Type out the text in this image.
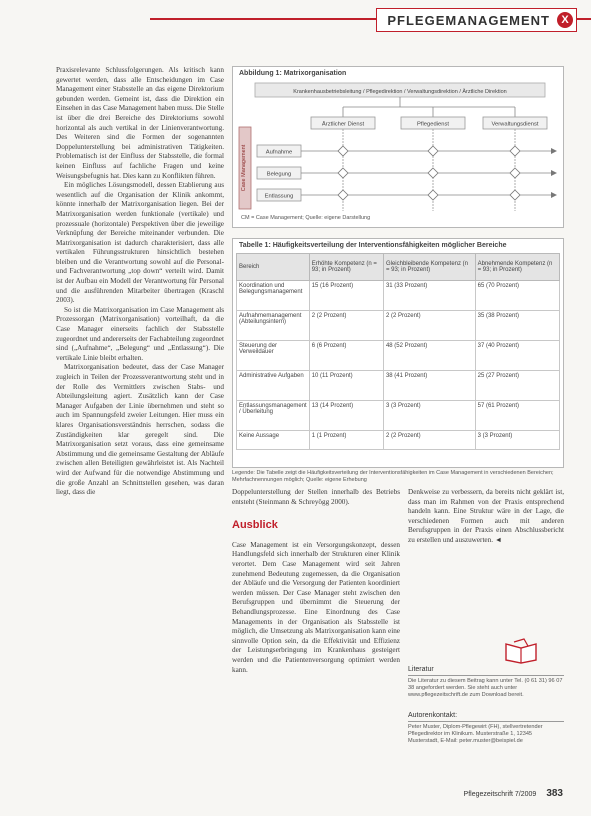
PFLEGEMANAGEMENT	X

Praxisrelevante Schlussfolgerungen. Als kritisch kann gewertet werden, dass alle Entscheidungen im Case Management einer Stabsstelle an das eigene Direktorium gebunden werden. Gemeint ist, dass die Direktion ein Einsehen in das Case Management haben muss. Die Stelle ist über die drei Bereiche des Direktoriums sowohl horizontal als auch vertikal in der Linienverantwortung. Des Weiteren sind die Formen der sogenannten Doppelunterstellung bei administrativen Tätigkeiten. Problematisch ist der Einfluss der Stabsstelle, die formal keinen Einfluss auf fachliche Fragen und keine Weisungsbefugnis hat. Dies kann zu Konflikten führen.

Ein mögliches Lösungsmodell, dessen Etablierung aus wesentlich auf die Organisation der Klinik ankommt, könnte innerhalb der Matrixorganisation liegen. Bei der Matrixorganisation werden funktionale (vertikale) und prozessuale (horizontale) Perspektiven über die jeweilige Verknüpfung der Bereiche miteinander verbunden. Die Matrixorganisation ist dadurch charakterisiert, dass alle vertikalen Führungsstrukturen hinsichtlich bestehen bleiben und die Verantwortung sowohl auf die Personal- und Fachverantwortung „top down“ verteilt wird. Damit ist der Aufbau ein Modell der Verantwortung für Personal und die ausführenden Mitarbeiter übertragen (Kraschl 2003).

So ist die Matrixorganisation im Case Management als Prozessorgan (Matrixorganisation) vorteilhaft, da die Case Manager einerseits fachlich der Stabsstelle zugeordnet und andererseits der Fachabteilung zugeordnet sind („Aufnahme“, „Belegung“ und „Entlassung“). Die vertikale Linie bleibt erhalten.

Matrixorganisation bedeutet, dass der Case Manager zugleich in Teilen der Prozessverantwortung steht und in der Rolle des Vermittlers zwischen Stabs- und Abteilungsleitung agiert. Zusätzlich kann der Case Manager Aufgaben der Linie übernehmen und steht so auch im Spannungsfeld zweier Leitungen. Hier muss ein klares Organisationsverständnis herrschen, sodass die Zuständigkeiten klar geregelt sind. Die Matrixorganisation setzt voraus, dass eine gemeinsame Abstimmung und die gemeinsame Gestaltung der Abläufe zwischen allen Beteiligten gewährleistet ist. Als Nachteil wird der Aufwand für die notwendige Abstimmung und die große Anzahl an Schnittstellen gesehen, was daran liegt, dass die

Abbildung 1: Matrixorganisation
Krankenhausbetriebsleitung / Pflegedirektion / Verwaltungsdirektion / Ärztliche Direktion
Ärztlicher Dienst	Pflegedienst	Verwaltungsdienst
Case Management	Aufnahme
Belegung
Entlassung
CM = Case Management; Quelle: eigene Darstellung
Tabelle 1: Häufigkeitsverteilung der Interventionsfähigkeiten möglicher Bereiche
Bereich	Erhöhte Kompetenz (n = 93; in Prozent)	Gleichbleibende Kompetenz (n = 93; in Prozent)	Abnehmende Kompetenz (n = 93; in Prozent)
Koordination und Belegungsmanagement	15 (16 Prozent)	31 (33 Prozent)	65 (70 Prozent)
Aufnahmemanagement (Abteilungsintern)	2 (2 Prozent)	2 (2 Prozent)	35 (38 Prozent)
Steuerung der Verweildauer	6 (6 Prozent)	48 (52 Prozent)	37 (40 Prozent)
Administrative Aufgaben	10 (11 Prozent)	38 (41 Prozent)	25 (27 Prozent)
Entlassungsmanagement / Überleitung	13 (14 Prozent)	3 (3 Prozent)	57 (61 Prozent)
Keine Aussage	1 (1 Prozent)	2 (2 Prozent)	3 (3 Prozent)
Legende: Die Tabelle zeigt die Häufigkeitsverteilung der Interventionsfähigkeiten im Case Management in verschiedenen Bereichen; Mehrfachnennungen möglich; Quelle: eigene Erhebung

Doppelunterstellung der Stellen innerhalb des Betriebs entsteht (Steinmann & Schreyögg 2000).

Ausblick

Case Management ist ein Versorgungskonzept, dessen Handlungsfeld sich innerhalb der Strukturen einer Klinik verortet. Dem Case Management wird seit Jahren zunehmend Bedeutung zugemessen, da die Organisation der Abläufe und die Versorgung der Patienten koordiniert werden müssen. Der Case Manager steht zwischen den Berufsgruppen und übernimmt die Steuerung der Behandlungsprozesse. Eine Einordnung des Case Managements in der Organisation als Stabsstelle ist möglich, die Umsetzung als Matrixorganisation kann eine sinnvolle Option sein, da die Effektivität und Effizienz der Leistungserbringung im Krankenhaus gesteigert werden und die Patientenversorgung optimiert werden kann.

Denkweise zu verbessern, da bereits nicht geklärt ist, dass man im Rahmen von der Praxis entsprechend handeln kann. Eine Struktur wäre in der Lage, die verschiedenen Formen auch mit anderen Berufsgruppen in der Praxis einen Abschlussbericht zu erstellen und auszuwerten. ◄

Literatur
Die Literatur zu diesem Beitrag kann unter Tel. (0 61 31) 96 07 38 angefordert werden. Sie steht auch unter www.pflegezeitschrift.de zum Download bereit.
Autorenkontakt:
Peter Muster, Diplom-Pflegewirt (FH), stellvertretender Pflegedirektor im Klinikum. Musterstraße 1, 12345 Musterstadt, E-Mail: peter.muster@beispiel.de
Pflegezeitschrift 7/2009 383
